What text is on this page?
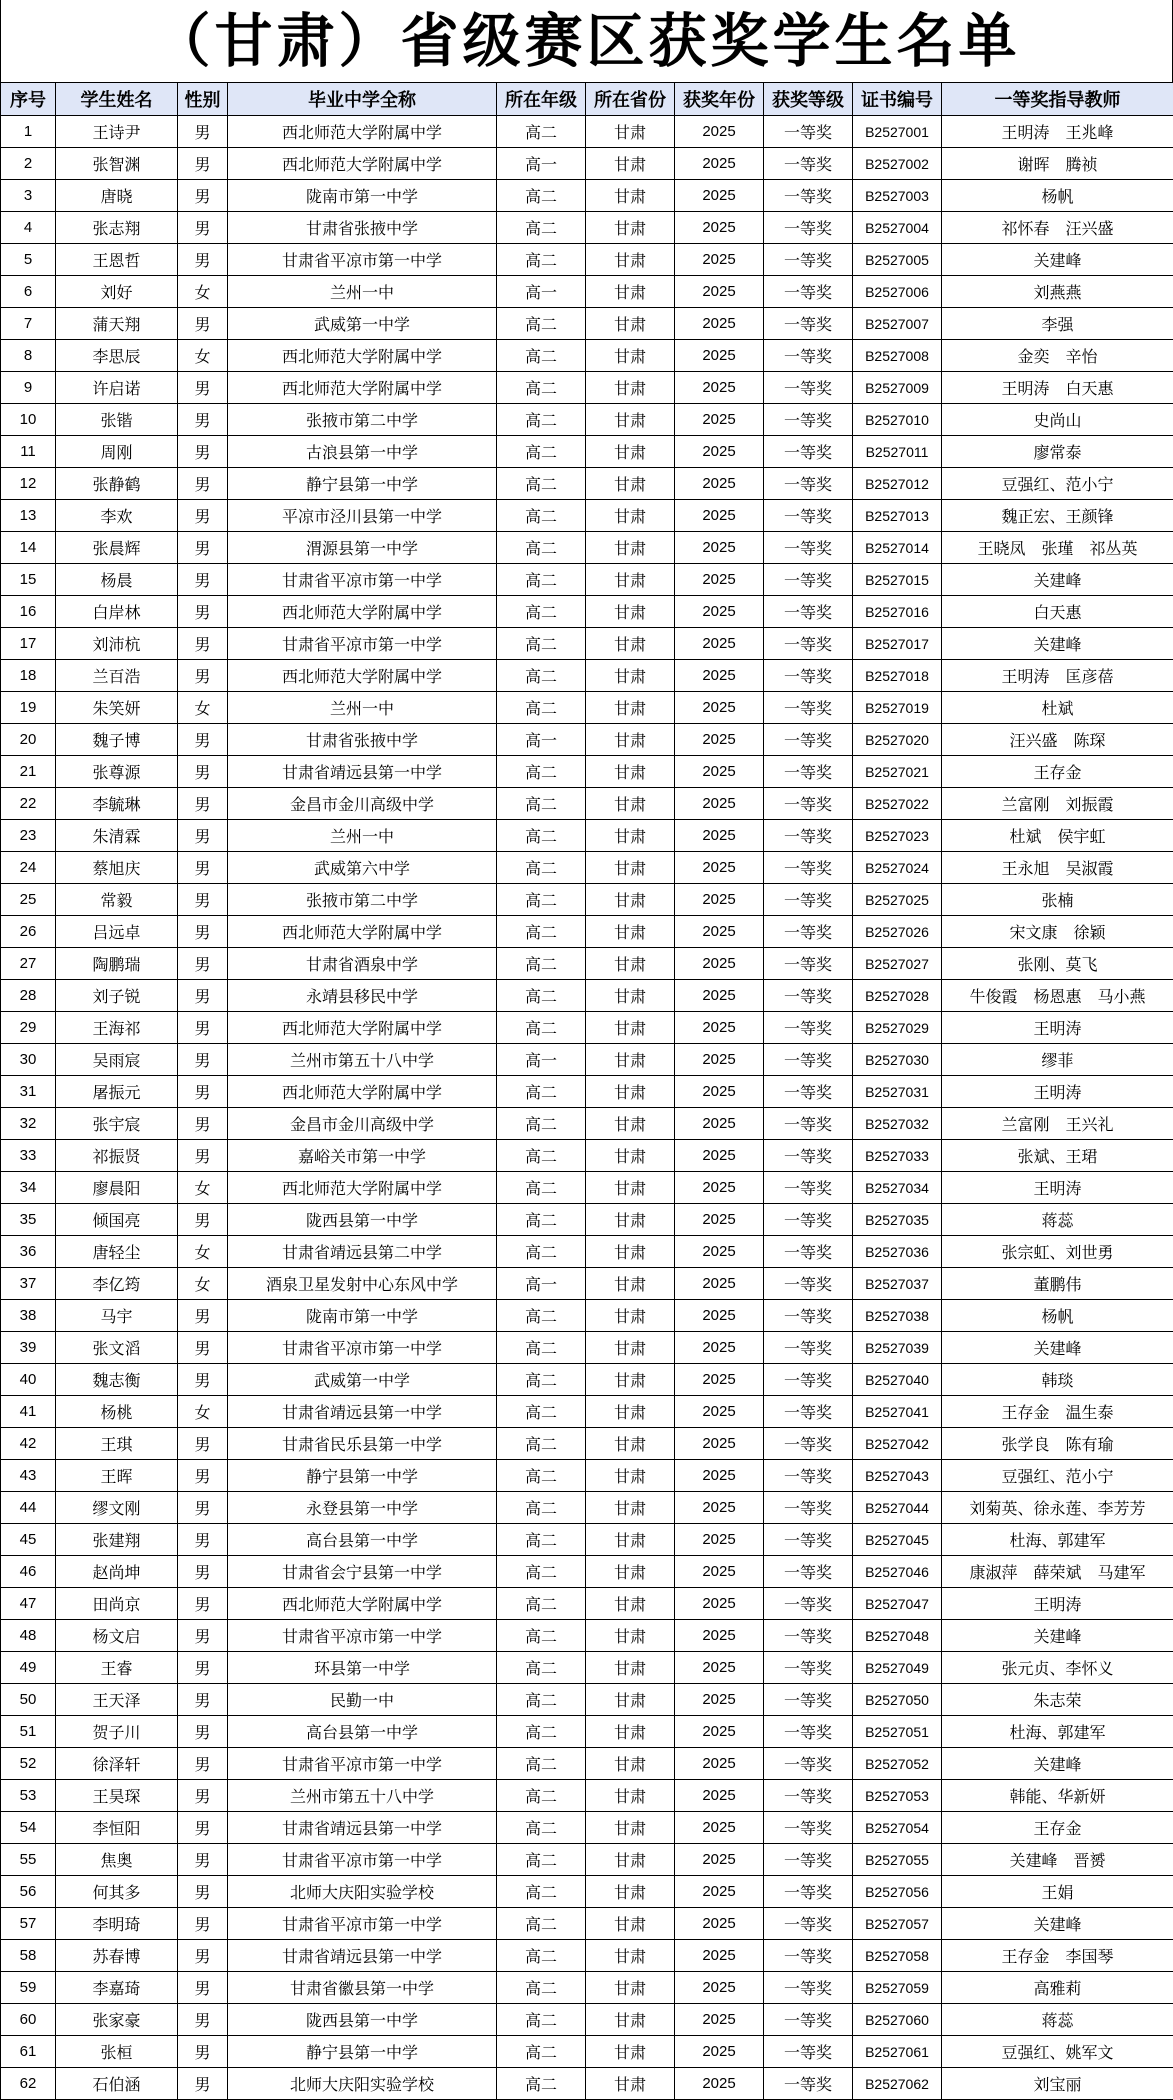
（甘肃）省级赛区获奖学生名单
序号	学生姓名	性别	毕业中学全称	所在年级	所在省份	获奖年份	获奖等级	证书编号	一等奖指导教师
1	王诗尹	男	西北师范大学附属中学	高二	甘肃	2025	一等奖	B2527001	王明涛　王兆峰
2	张智渊	男	西北师范大学附属中学	高一	甘肃	2025	一等奖	B2527002	谢晖　腾祯
3	唐晓	男	陇南市第一中学	高二	甘肃	2025	一等奖	B2527003	杨帆
4	张志翔	男	甘肃省张掖中学	高二	甘肃	2025	一等奖	B2527004	祁怀春　汪兴盛
5	王恩哲	男	甘肃省平凉市第一中学	高二	甘肃	2025	一等奖	B2527005	关建峰
6	刘好	女	兰州一中	高一	甘肃	2025	一等奖	B2527006	刘燕燕
7	蒲天翔	男	武威第一中学	高二	甘肃	2025	一等奖	B2527007	李强
8	李思辰	女	西北师范大学附属中学	高二	甘肃	2025	一等奖	B2527008	金奕　辛怡
9	许启诺	男	西北师范大学附属中学	高二	甘肃	2025	一等奖	B2527009	王明涛　白天惠
10	张锴	男	张掖市第二中学	高二	甘肃	2025	一等奖	B2527010	史尚山
11	周刚	男	古浪县第一中学	高二	甘肃	2025	一等奖	B2527011	廖常泰
12	张静鹤	男	静宁县第一中学	高二	甘肃	2025	一等奖	B2527012	豆强红、范小宁
13	李欢	男	平凉市泾川县第一中学	高二	甘肃	2025	一等奖	B2527013	魏正宏、王颜锋
14	张晨辉	男	渭源县第一中学	高二	甘肃	2025	一等奖	B2527014	王晓凤　张瑾　祁丛英
15	杨晨	男	甘肃省平凉市第一中学	高二	甘肃	2025	一等奖	B2527015	关建峰
16	白岸林	男	西北师范大学附属中学	高二	甘肃	2025	一等奖	B2527016	白天惠
17	刘沛杭	男	甘肃省平凉市第一中学	高二	甘肃	2025	一等奖	B2527017	关建峰
18	兰百浩	男	西北师范大学附属中学	高二	甘肃	2025	一等奖	B2527018	王明涛　匡彦蓓
19	朱笑妍	女	兰州一中	高二	甘肃	2025	一等奖	B2527019	杜斌
20	魏子博	男	甘肃省张掖中学	高一	甘肃	2025	一等奖	B2527020	汪兴盛　陈琛
21	张尊源	男	甘肃省靖远县第一中学	高二	甘肃	2025	一等奖	B2527021	王存金
22	李毓琳	男	金昌市金川高级中学	高二	甘肃	2025	一等奖	B2527022	兰富刚　刘振霞
23	朱清霖	男	兰州一中	高二	甘肃	2025	一等奖	B2527023	杜斌　侯宇虹
24	蔡旭庆	男	武威第六中学	高二	甘肃	2025	一等奖	B2527024	王永旭　吴淑霞
25	常毅	男	张掖市第二中学	高二	甘肃	2025	一等奖	B2527025	张楠
26	吕远卓	男	西北师范大学附属中学	高二	甘肃	2025	一等奖	B2527026	宋文康　徐颖
27	陶鹏瑞	男	甘肃省酒泉中学	高二	甘肃	2025	一等奖	B2527027	张刚、莫飞
28	刘子锐	男	永靖县移民中学	高二	甘肃	2025	一等奖	B2527028	牛俊霞　杨恩惠　马小燕
29	王海祁	男	西北师范大学附属中学	高二	甘肃	2025	一等奖	B2527029	王明涛
30	吴雨宸	男	兰州市第五十八中学	高一	甘肃	2025	一等奖	B2527030	缪菲
31	屠振元	男	西北师范大学附属中学	高二	甘肃	2025	一等奖	B2527031	王明涛
32	张宇宸	男	金昌市金川高级中学	高二	甘肃	2025	一等奖	B2527032	兰富刚　王兴礼
33	祁振贤	男	嘉峪关市第一中学	高二	甘肃	2025	一等奖	B2527033	张斌、王珺
34	廖晨阳	女	西北师范大学附属中学	高二	甘肃	2025	一等奖	B2527034	王明涛
35	倾国亮	男	陇西县第一中学	高二	甘肃	2025	一等奖	B2527035	蒋蕊
36	唐轻尘	女	甘肃省靖远县第二中学	高二	甘肃	2025	一等奖	B2527036	张宗虹、刘世勇
37	李亿筠	女	酒泉卫星发射中心东风中学	高一	甘肃	2025	一等奖	B2527037	董鹏伟
38	马宇	男	陇南市第一中学	高二	甘肃	2025	一等奖	B2527038	杨帆
39	张文滔	男	甘肃省平凉市第一中学	高二	甘肃	2025	一等奖	B2527039	关建峰
40	魏志衡	男	武威第一中学	高二	甘肃	2025	一等奖	B2527040	韩琰
41	杨桃	女	甘肃省靖远县第一中学	高二	甘肃	2025	一等奖	B2527041	王存金　温生泰
42	王琪	男	甘肃省民乐县第一中学	高二	甘肃	2025	一等奖	B2527042	张学良　陈有瑜
43	王晖	男	静宁县第一中学	高二	甘肃	2025	一等奖	B2527043	豆强红、范小宁
44	缪文刚	男	永登县第一中学	高二	甘肃	2025	一等奖	B2527044	刘菊英、徐永莲、李芳芳
45	张建翔	男	高台县第一中学	高二	甘肃	2025	一等奖	B2527045	杜海、郭建军
46	赵尚坤	男	甘肃省会宁县第一中学	高二	甘肃	2025	一等奖	B2527046	康淑萍　薛荣斌　马建军
47	田尚京	男	西北师范大学附属中学	高二	甘肃	2025	一等奖	B2527047	王明涛
48	杨文启	男	甘肃省平凉市第一中学	高二	甘肃	2025	一等奖	B2527048	关建峰
49	王睿	男	环县第一中学	高二	甘肃	2025	一等奖	B2527049	张元贞、李怀义
50	王天泽	男	民勤一中	高二	甘肃	2025	一等奖	B2527050	朱志荣
51	贺子川	男	高台县第一中学	高二	甘肃	2025	一等奖	B2527051	杜海、郭建军
52	徐泽轩	男	甘肃省平凉市第一中学	高二	甘肃	2025	一等奖	B2527052	关建峰
53	王昊琛	男	兰州市第五十八中学	高二	甘肃	2025	一等奖	B2527053	韩能、华新妍
54	李恒阳	男	甘肃省靖远县第一中学	高二	甘肃	2025	一等奖	B2527054	王存金
55	焦奥	男	甘肃省平凉市第一中学	高二	甘肃	2025	一等奖	B2527055	关建峰　晋赟
56	何其多	男	北师大庆阳实验学校	高二	甘肃	2025	一等奖	B2527056	王娟
57	李明琦	男	甘肃省平凉市第一中学	高二	甘肃	2025	一等奖	B2527057	关建峰
58	苏春博	男	甘肃省靖远县第一中学	高二	甘肃	2025	一等奖	B2527058	王存金　李国琴
59	李嘉琦	男	甘肃省徽县第一中学	高二	甘肃	2025	一等奖	B2527059	高雅莉
60	张家豪	男	陇西县第一中学	高二	甘肃	2025	一等奖	B2527060	蒋蕊
61	张桓	男	静宁县第一中学	高二	甘肃	2025	一等奖	B2527061	豆强红、姚军文
62	石伯涵	男	北师大庆阳实验学校	高二	甘肃	2025	一等奖	B2527062	刘宝丽
